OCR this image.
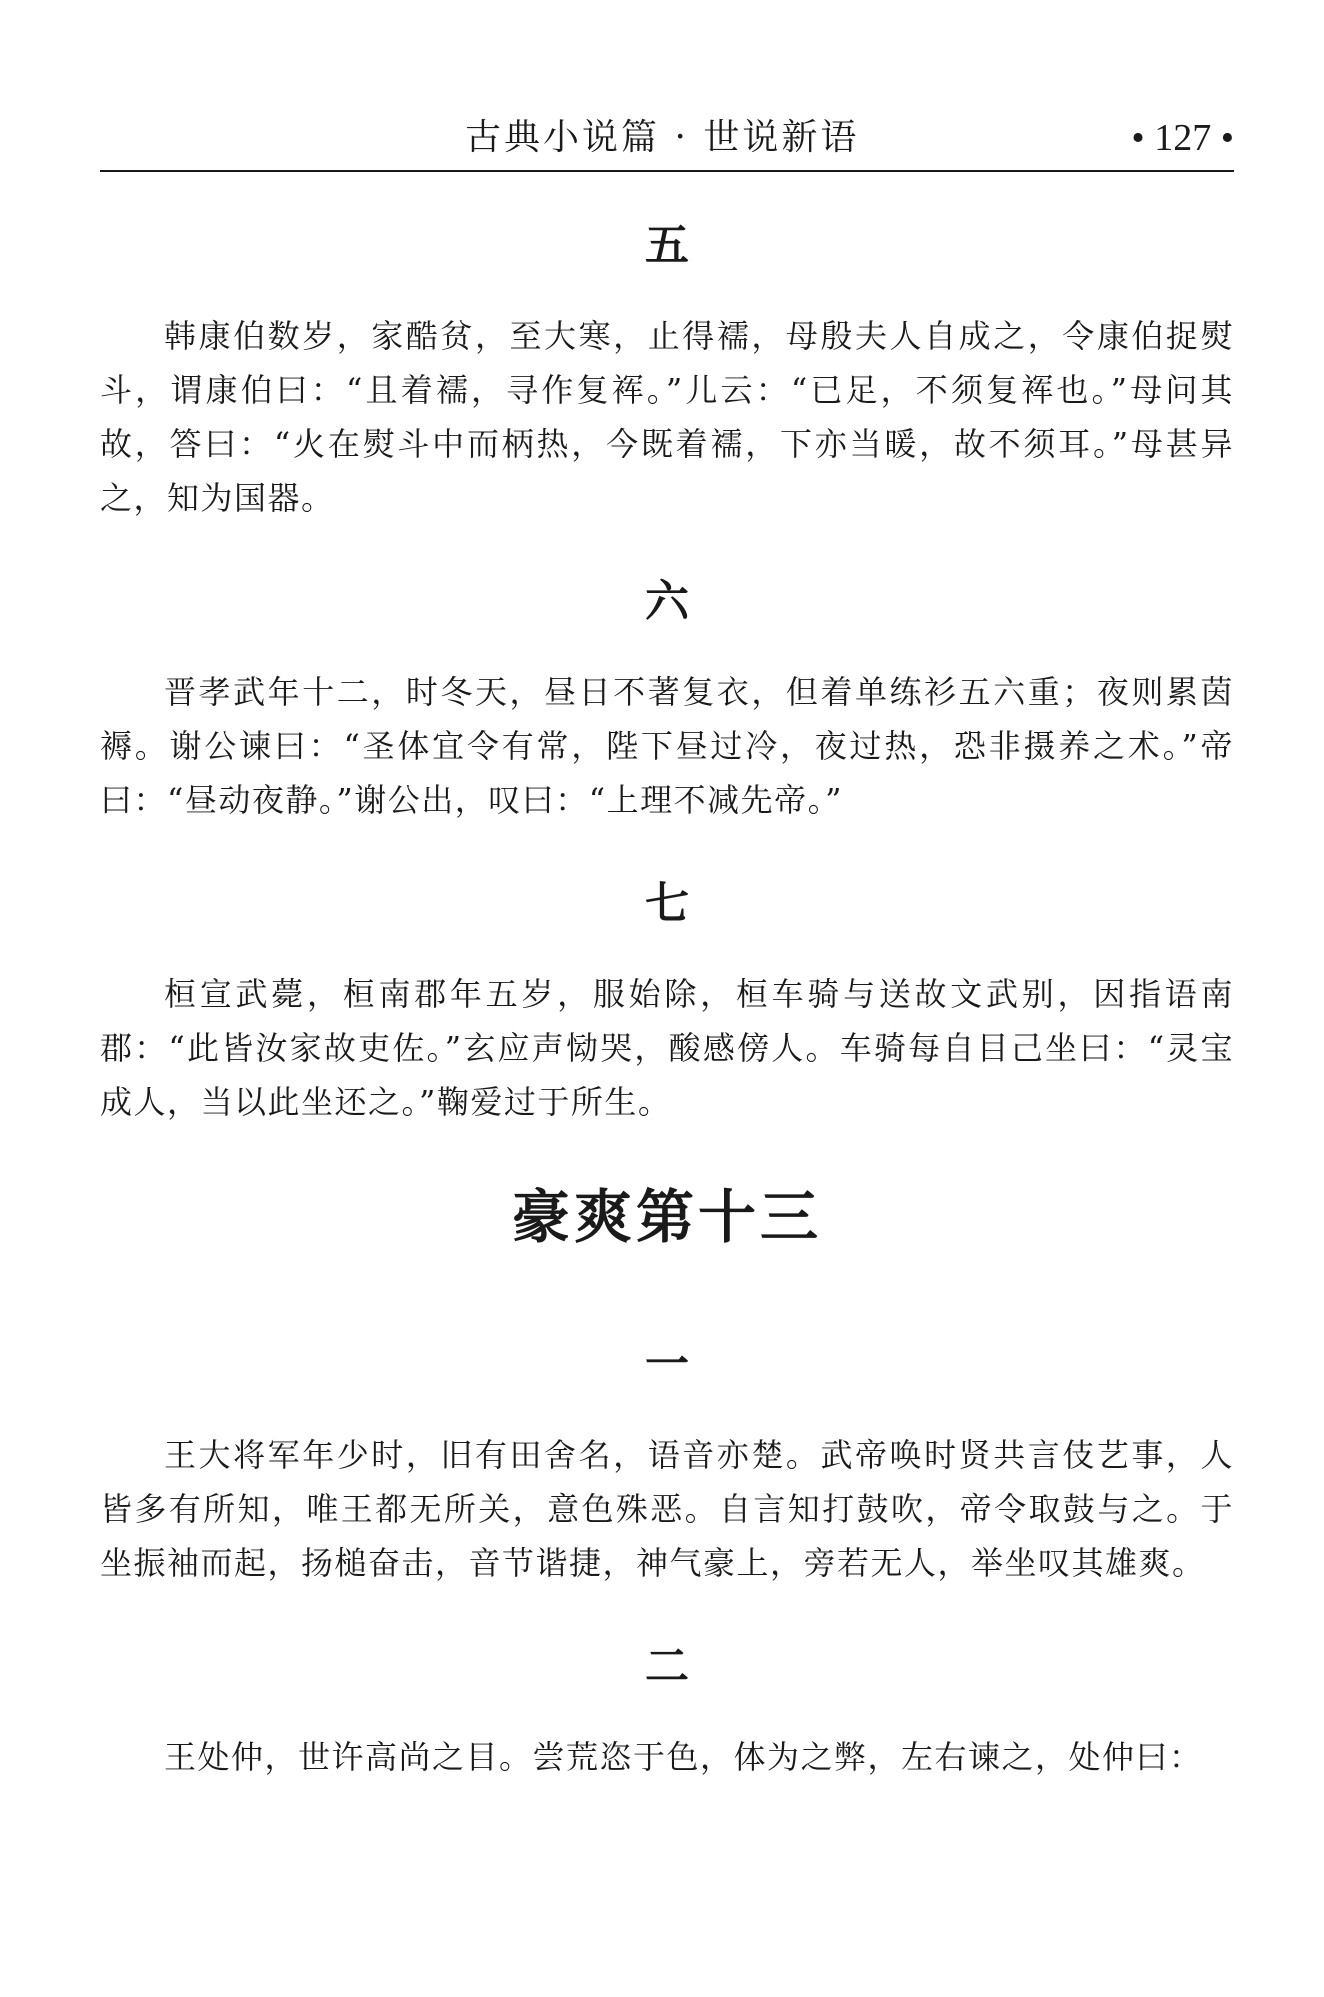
古典小说篇 · 世说新语	• 127 •
五

韩康伯数岁，家酷贫，至大寒，止得襦，母殷夫人自成之，令康伯捉熨斗，谓康伯曰：“且着襦，寻作复裈。”儿云：“已足，不须复裈也。”母问其故，答曰：“火在熨斗中而柄热，今既着襦，下亦当暖，故不须耳。”母甚异之，知为国器。

六

晋孝武年十二，时冬天，昼日不著复衣，但着单练衫五六重；夜则累茵褥。谢公谏曰：“圣体宜令有常，陛下昼过冷，夜过热，恐非摄养之术。”帝曰：“昼动夜静。”谢公出，叹曰：“上理不减先帝。”

七

桓宣武薨，桓南郡年五岁，服始除，桓车骑与送故文武别，因指语南郡：“此皆汝家故吏佐。”玄应声恸哭，酸感傍人。车骑每自目己坐曰：“灵宝成人，当以此坐还之。”鞠爱过于所生。

豪爽第十三
一

王大将军年少时，旧有田舍名，语音亦楚。武帝唤时贤共言伎艺事，人皆多有所知，唯王都无所关，意色殊恶。自言知打鼓吹，帝令取鼓与之。于坐振袖而起，扬槌奋击，音节谐捷，神气豪上，旁若无人，举坐叹其雄爽。

二

王处仲，世许高尚之目。尝荒恣于色，体为之弊，左右谏之，处仲曰：
